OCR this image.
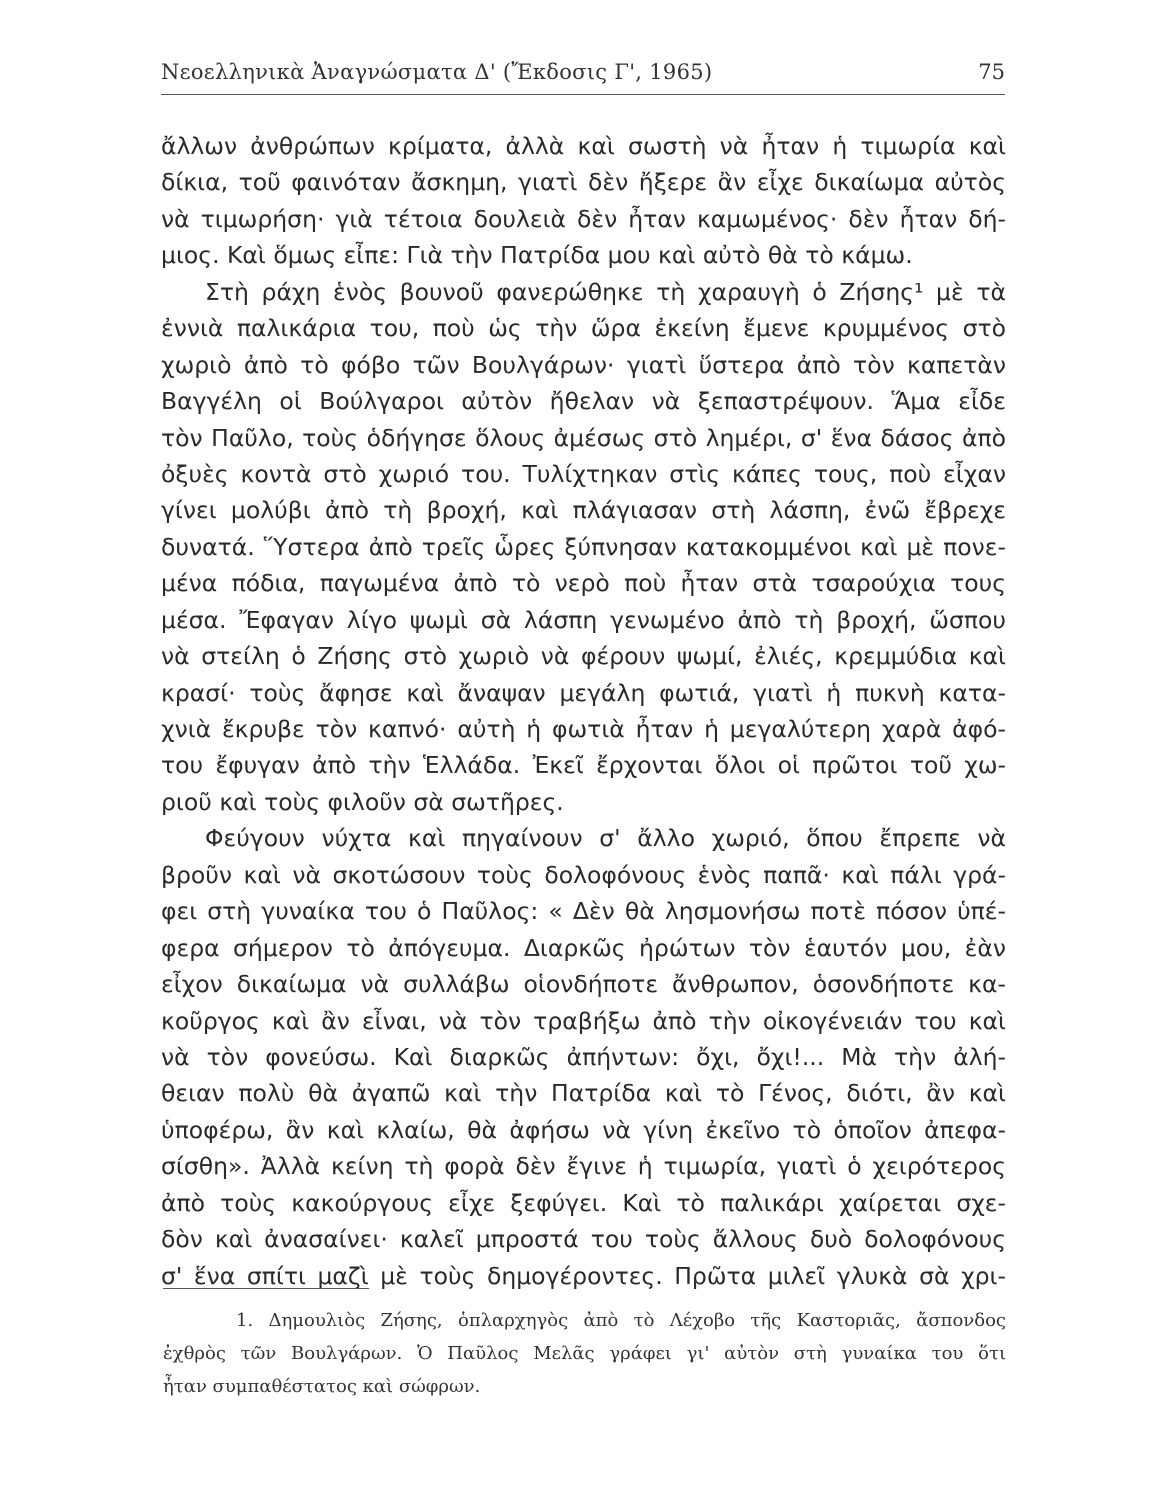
Νεοελληνικὰ Ἀναγνώσματα Δ' (Ἔκδοσις Γ', 1965)	75
ἄλλων ἀνθρώπων κρίματα, ἀλλὰ καὶ σωστὴ νὰ ἦταν ἡ τιμωρία καὶ
δίκια, τοῦ φαινόταν ἄσκημη, γιατὶ δὲν ἤξερε ἂν εἶχε δικαίωμα αὐτὸς
νὰ τιμωρήση· γιὰ τέτοια δουλειὰ δὲν ἦταν καμωμένος· δὲν ἦταν δή-
μιος. Καὶ ὅμως εἶπε: Γιὰ τὴν Πατρίδα μου καὶ αὐτὸ θὰ τὸ κάμω.
Στὴ ράχη ἑνὸς βουνοῦ φανερώθηκε τὴ χαραυγὴ ὁ Ζήσης¹ μὲ τὰ
ἐννιὰ παλικάρια του, ποὺ ὡς τὴν ὥρα ἐκείνη ἔμενε κρυμμένος στὸ
χωριὸ ἀπὸ τὸ φόβο τῶν Βουλγάρων· γιατὶ ὕστερα ἀπὸ τὸν καπετὰν
Βαγγέλη οἱ Βούλγαροι αὐτὸν ἤθελαν νὰ ξεπαστρέψουν. Ἅμα εἶδε
τὸν Παῦλο, τοὺς ὁδήγησε ὅλους ἀμέσως στὸ λημέρι, σ' ἕνα δάσος ἀπὸ
ὀξυὲς κοντὰ στὸ χωριό του. Τυλίχτηκαν στὶς κάπες τους, ποὺ εἶχαν
γίνει μολύβι ἀπὸ τὴ βροχή, καὶ πλάγιασαν στὴ λάσπη, ἐνῶ ἔβρεχε
δυνατά. Ὕστερα ἀπὸ τρεῖς ὧρες ξύπνησαν κατακομμένοι καὶ μὲ πονε-
μένα πόδια, παγωμένα ἀπὸ τὸ νερὸ ποὺ ἦταν στὰ τσαρούχια τους
μέσα. Ἔφαγαν λίγο ψωμὶ σὰ λάσπη γενωμένο ἀπὸ τὴ βροχή, ὥσπου
νὰ στείλη ὁ Ζήσης στὸ χωριὸ νὰ φέρουν ψωμί, ἐλιές, κρεμμύδια καὶ
κρασί· τοὺς ἄφησε καὶ ἄναψαν μεγάλη φωτιά, γιατὶ ἡ πυκνὴ κατα-
χνιὰ ἔκρυβε τὸν καπνό· αὐτὴ ἡ φωτιὰ ἦταν ἡ μεγαλύτερη χαρὰ ἀφό-
του ἔφυγαν ἀπὸ τὴν Ἑλλάδα. Ἐκεῖ ἔρχονται ὅλοι οἱ πρῶτοι τοῦ χω-
ριοῦ καὶ τοὺς φιλοῦν σὰ σωτῆρες.
Φεύγουν νύχτα καὶ πηγαίνουν σ' ἄλλο χωριό, ὅπου ἔπρεπε νὰ
βροῦν καὶ νὰ σκοτώσουν τοὺς δολοφόνους ἑνὸς παπᾶ· καὶ πάλι γρά-
φει στὴ γυναίκα του ὁ Παῦλος: « Δὲν θὰ λησμονήσω ποτὲ πόσον ὑπέ-
φερα σήμερον τὸ ἀπόγευμα. Διαρκῶς ἠρώτων τὸν ἑαυτόν μου, ἐὰν
εἶχον δικαίωμα νὰ συλλάβω οἱονδήποτε ἄνθρωπον, ὁσονδήποτε κα-
κοῦργος καὶ ἂν εἶναι, νὰ τὸν τραβήξω ἀπὸ τὴν οἰκογένειάν του καὶ
νὰ τὸν φονεύσω. Καὶ διαρκῶς ἀπήντων: ὄχι, ὄχι!... Μὰ τὴν ἀλή-
θειαν πολὺ θὰ ἀγαπῶ καὶ τὴν Πατρίδα καὶ τὸ Γένος, διότι, ἂν καὶ
ὑποφέρω, ἂν καὶ κλαίω, θὰ ἀφήσω νὰ γίνη ἐκεῖνο τὸ ὁποῖον ἀπεφα-
σίσθη». Ἀλλὰ κείνη τὴ φορὰ δὲν ἔγινε ἡ τιμωρία, γιατὶ ὁ χειρότερος
ἀπὸ τοὺς κακούργους εἶχε ξεφύγει. Καὶ τὸ παλικάρι χαίρεται σχε-
δὸν καὶ ἀνασαίνει· καλεῖ μπροστά του τοὺς ἄλλους δυὸ δολοφόνους
σ' ἕνα σπίτι μαζὶ μὲ τοὺς δημογέροντες. Πρῶτα μιλεῖ γλυκὰ σὰ χρι-
1. Δημουλιὸς Ζήσης, ὁπλαρχηγὸς ἀπὸ τὸ Λέχοβο τῆς Καστοριᾶς, ἄσπονδος
ἐχθρὸς τῶν Βουλγάρων. Ὁ Παῦλος Μελᾶς γράφει γι' αὐτὸν στὴ γυναίκα του ὅτι
ἦταν συμπαθέστατος καὶ σώφρων.
